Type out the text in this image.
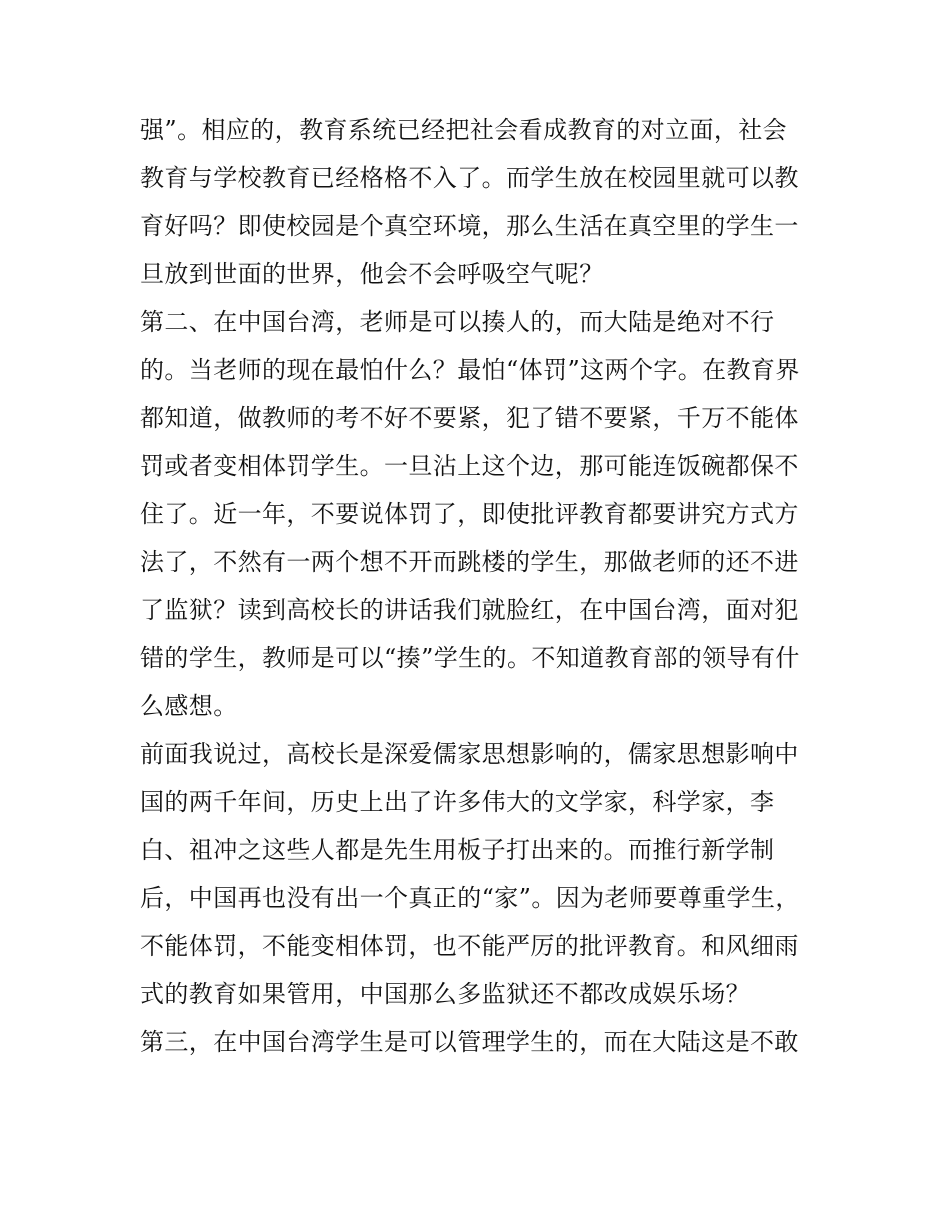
强”。相应的，教育系统已经把社会看成教育的对立面，社会
教育与学校教育已经格格不入了。而学生放在校园里就可以教
育好吗？即使校园是个真空环境，那么生活在真空里的学生一
旦放到世面的世界，他会不会呼吸空气呢？
第二、在中国台湾，老师是可以揍人的，而大陆是绝对不行
的。当老师的现在最怕什么？最怕“体罚”这两个字。在教育界
都知道，做教师的考不好不要紧，犯了错不要紧，千万不能体
罚或者变相体罚学生。一旦沾上这个边，那可能连饭碗都保不
住了。近一年，不要说体罚了，即使批评教育都要讲究方式方
法了，不然有一两个想不开而跳楼的学生，那做老师的还不进
了监狱？读到高校长的讲话我们就脸红，在中国台湾，面对犯
错的学生，教师是可以“揍”学生的。不知道教育部的领导有什
么感想。
前面我说过，高校长是深爱儒家思想影响的，儒家思想影响中
国的两千年间，历史上出了许多伟大的文学家，科学家，李
白、祖冲之这些人都是先生用板子打出来的。而推行新学制
后，中国再也没有出一个真正的“家”。因为老师要尊重学生，
不能体罚，不能变相体罚，也不能严厉的批评教育。和风细雨
式的教育如果管用，中国那么多监狱还不都改成娱乐场？
第三，在中国台湾学生是可以管理学生的，而在大陆这是不敢
